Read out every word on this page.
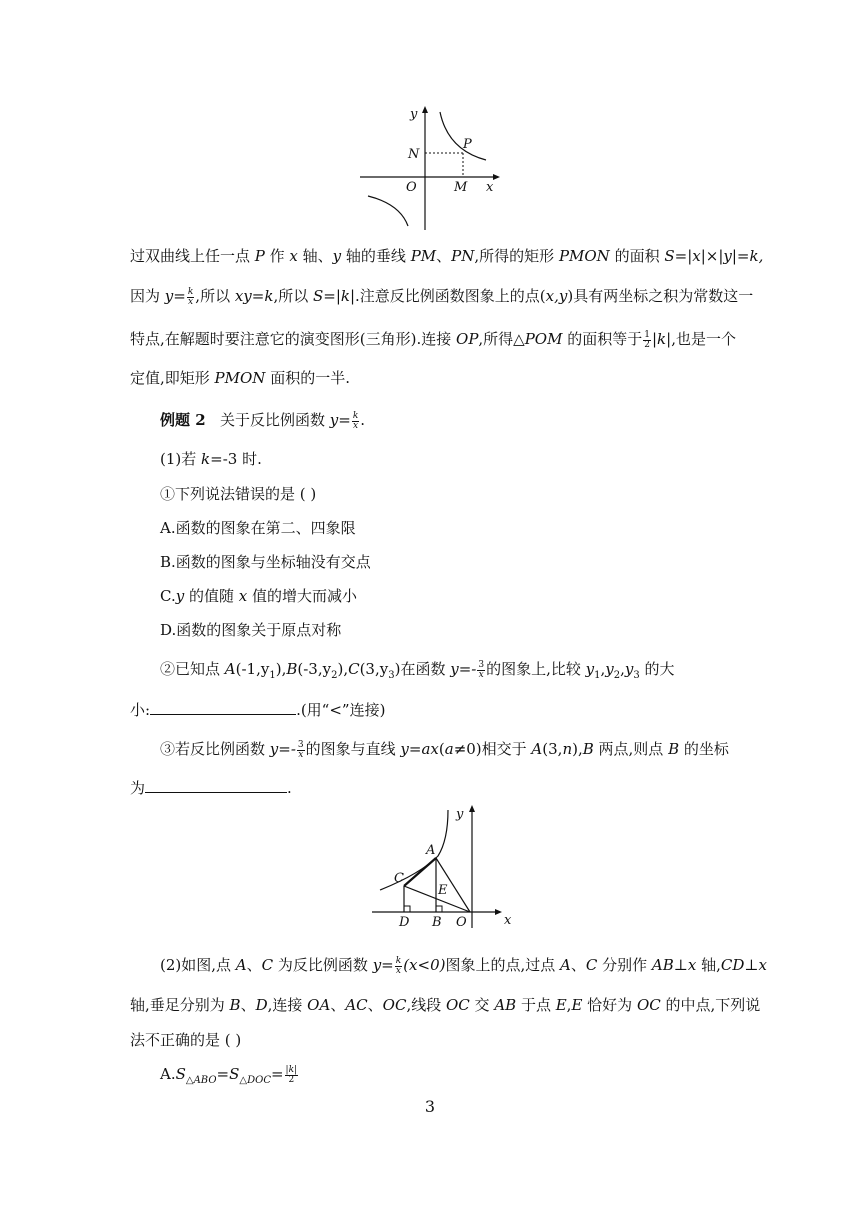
y
x
O
N
P
M
过双曲线上任一点 P 作 x 轴、y 轴的垂线 PM、PN,所得的矩形 PMON 的面积 S=|x|×|y|=k,
因为 $y= \frac{k}{x}$ ,所以 xy=k,所以 S=|k|.注意反比例函数图象上的点(x,y)具有两坐标之积为常数这一
特点,在解题时要注意它的演变图形(三角形).连接 OP,所得△POM 的面积等于 $\frac{1}{2} |k|$,也是一个
定值,即矩形 PMON 面积的一半.
例题 2 关于反比例函数 $y= \frac{k}{x}$ .
(1)若 k=-3 时.
①下列说法错误的是 ( )
A.函数的图象在第二、四象限
B.函数的图象与坐标轴没有交点
C.y 的值随 x 值的增大而减小
D.函数的图象关于原点对称
②已知点 $A(-1,y_1),B(-3,y_2),C(3,y_3)$在函数 $y=- \frac{3}{x}$ 的图象上,比较 $y_1,y_2,y_3$ 的大
小:	.(用“<”连接)
③若反比例函数 $y=- \frac{3}{x}$ 的图象与直线 y=ax(a≠0)相交于 A(3,n),B 两点,则点 B 的坐标
为	.
y
x
A
C
E
D B O
(2)如图,点 A、C 为反比例函数 $y= \frac{k}{x} (x<0)$图象上的点,过点 A、C 分别作 AB⊥x 轴,CD⊥x
轴,垂足分别为 B、D,连接 OA、AC、OC,线段 OC 交 AB 于点 E,E 恰好为 OC 的中点,下列说
法不正确的是 ( )
$A.S_{\triangle ABO}=S_{\triangle DOC}= \frac{|k|}{2}$
3
